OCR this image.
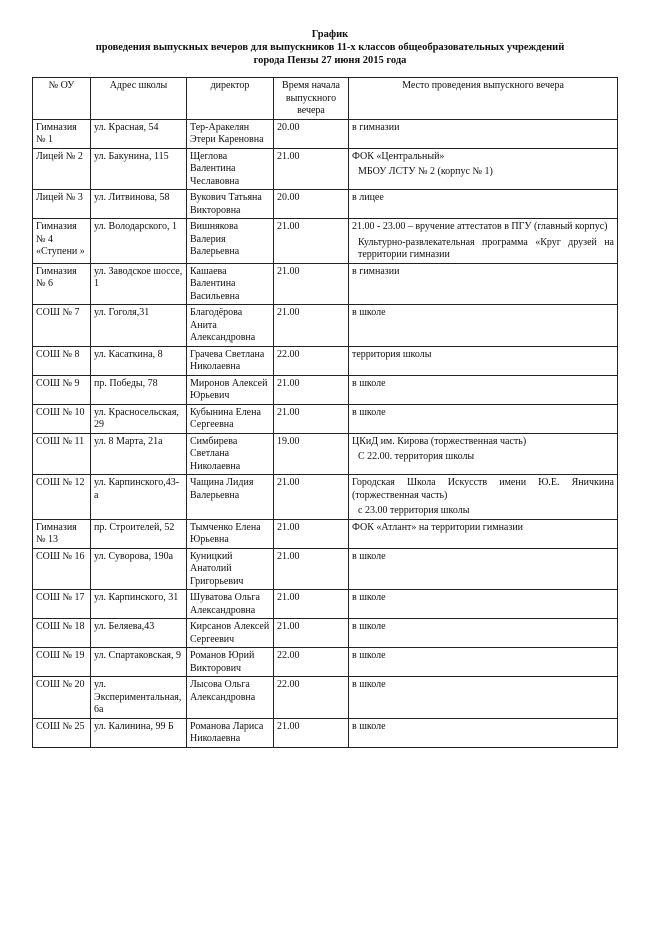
График
проведения выпускных вечеров для выпускников 11-х классов общеобразовательных учреждений
города Пензы 27 июня 2015 года
№ ОУ	Адрес школы	директор	Время начала выпускного вечера	Место проведения выпускного вечера
Гимназия № 1	ул. Красная, 54	Тер-Аракелян Этери Кареновна	20.00	в гимназии

Лицей № 2	ул. Бакунина, 115	Щеглова Валентина Чеславовна	21.00	ФОК «Центральный»

МБОУ ЛСТУ № 2 (корпус № 1)

Лицей № 3	ул. Литвинова, 58	Вукович Татьяна Викторовна	20.00	в лицее

Гимназия № 4 «Ступени »	ул. Володарского, 1	Вишнякова Валерия Валерьевна	21.00	21.00 - 23.00 – вручение аттестатов в ПГУ (главный корпус)

Культурно-развлекательная программа «Круг друзей на территории гимназии

Гимназия № 6	ул. Заводское шоссе, 1	Кашаева Валентина Васильевна	21.00	в гимназии

СОШ № 7	ул. Гоголя,31	Благодёрова Анита Александровна	21.00	в школе

СОШ № 8	ул. Касаткина, 8	Грачева Светлана Николаевна	22.00	территория школы

СОШ № 9	пр. Победы, 78	Миронов Алексей Юрьевич	21.00	в школе

СОШ № 10	ул. Красносельская, 29	Кубынина Елена Сергеевна	21.00	в школе

СОШ № 11	ул. 8 Марта, 21а	Симбирева Светлана Николаевна	19.00	ЦКиД им. Кирова (торжественная часть)

С 22.00. территория школы

СОШ № 12	ул. Карпинского,43-а	Чащина Лидия Валерьевна	21.00	Городская Школа Искусств имени Ю.Е. Яничкина (торжественная часть)

с 23.00 территория школы

Гимназия № 13	пр. Строителей, 52	Тымченко Елена Юрьевна	21.00	ФОК «Атлант» на территории гимназии

СОШ № 16	ул. Суворова, 190а	Куницкий Анатолий Григорьевич	21.00	в школе

СОШ № 17	ул. Карпинского, 31	Шуватова Ольга Александровна	21.00	в школе

СОШ № 18	ул. Беляева,43	Кирсанов Алексей Сергеевич	21.00	в школе

СОШ № 19	ул. Спартаковская, 9	Романов Юрий Викторович	22.00	в школе

СОШ № 20	ул. Экспериментальная, 6а	Лысова Ольга Александровна	22.00	в школе

СОШ № 25	ул. Калинина, 99 Б	Романова Лариса Николаевна	21.00	в школе
